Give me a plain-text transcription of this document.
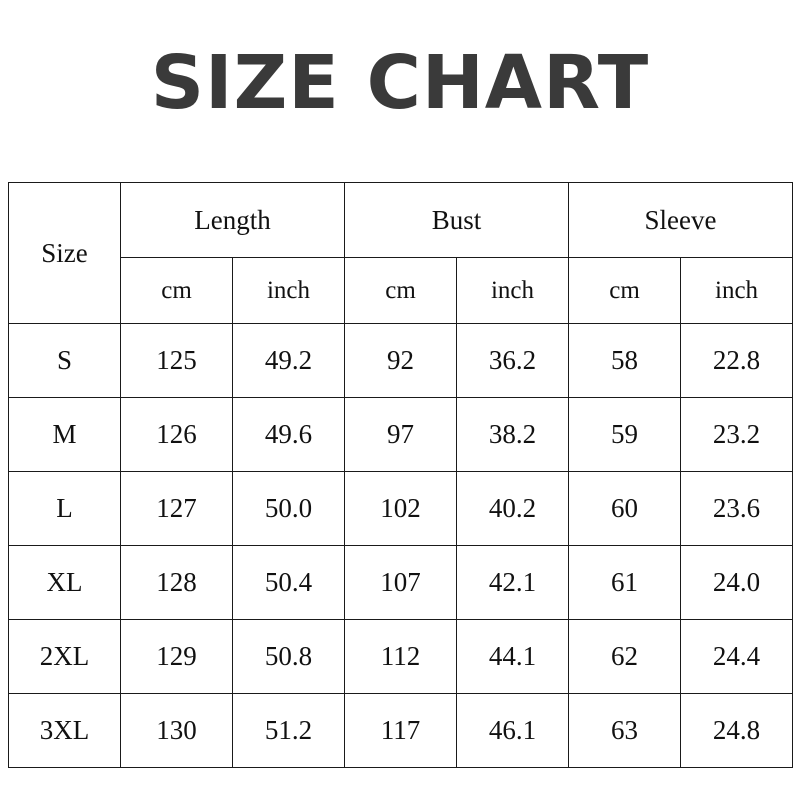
SIZE CHART
Size	Length		Bust		Sleeve	
	cm	inch	cm	inch	cm	inch
S	125	49.2	92	36.2	58	22.8
M	126	49.6	97	38.2	59	23.2
L	127	50.0	102	40.2	60	23.6
XL	128	50.4	107	42.1	61	24.0
2XL	129	50.8	112	44.1	62	24.4
3XL	130	51.2	117	46.1	63	24.8
